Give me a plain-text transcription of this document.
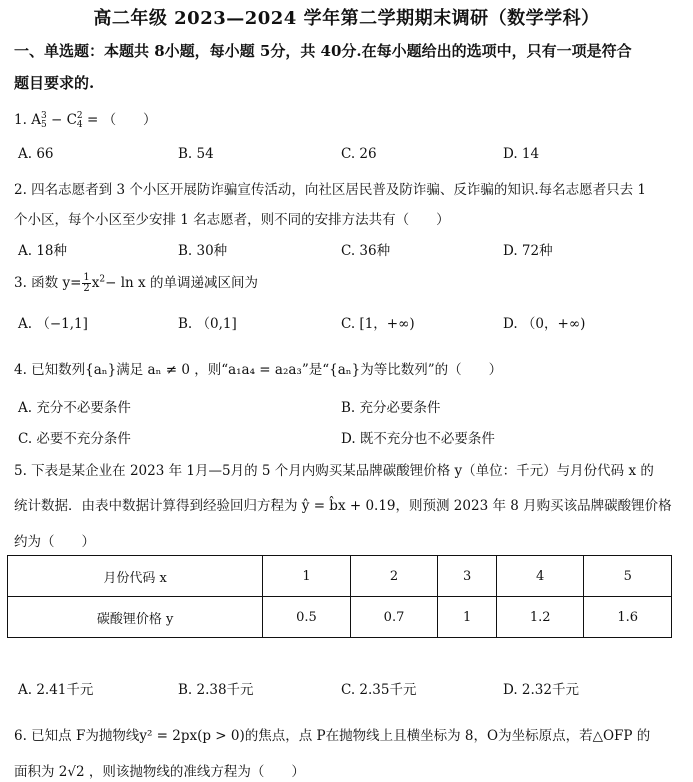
高二年级 2023—2024 学年第二学期期末调研（数学学科）
一、单选题：本题共 8小题，每小题 5分，共 40分.在每小题给出的选项中，只有一项是符合
题目要求的.
1. A 3
5 − C 2
4 = （　　）
A. 66	B. 54	C. 26	D. 14
2. 四名志愿者到 3 个小区开展防诈骗宣传活动，向社区居民普及防诈骗、反诈骗的知识.每名志愿者只去 1
个小区，每个小区至少安排 1 名志愿者，则不同的安排方法共有（　　）
A. 18种	B. 30种	C. 36种	D. 72种
3. 函数 $y= \frac{1}{2} x^2- \ln x$ 的单调递减区间为
A. （−1,1]	B. （0,1]	C. [1，+∞)	D. （0，+∞)
4. 已知数列{aₙ}满足 aₙ ≠ 0 ，则“a₁a₄ = a₂a₃”是“{aₙ}为等比数列”的（　　）
A. 充分不必要条件	B. 充分必要条件
C. 必要不充分条件	D. 既不充分也不必要条件
5. 下表是某企业在 2023 年 1月—5月的 5 个月内购买某品牌碳酸锂价格 y（单位：千元）与月份代码 x 的
统计数据．由表中数据计算得到经验回归方程为 ŷ = b̂x + 0.19，则预测 2023 年 8 月购买该品牌碳酸锂价格
约为（　　）
月份代码 x	1	2	3	4	5
碳酸锂价格 y	0.5	0.7	1	1.2	1.6
A. 2.41千元	B. 2.38千元	C. 2.35千元	D. 2.32千元
6. 已知点 F为抛物线y² = 2px(p > 0)的焦点，点 P在抛物线上且横坐标为 8，O为坐标原点，若△OFP 的
面积为 2√2 ，则该抛物线的准线方程为（　　）
